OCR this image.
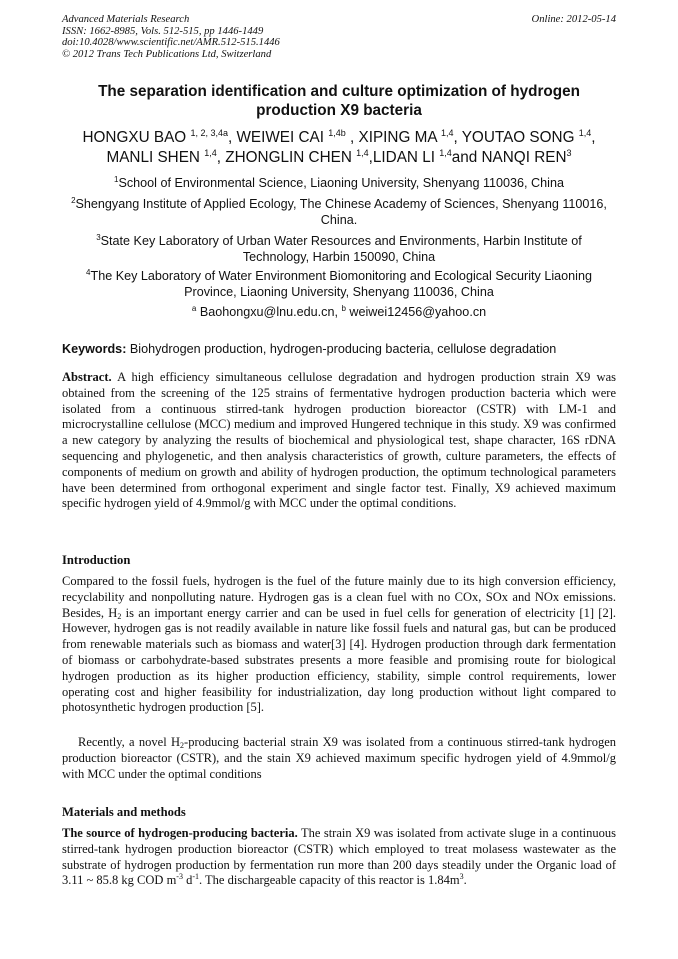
Advanced Materials Research
ISSN: 1662-8985, Vols. 512-515, pp 1446-1449
doi:10.4028/www.scientific.net/AMR.512-515.1446
© 2012 Trans Tech Publications Ltd, Switzerland
Online: 2012-05-14
The separation identification and culture optimization of hydrogen production X9 bacteria
HONGXU BAO $^{1, 2, 3,4a}$, WEIWEI CAI $^{1,4b}$ , XIPING MA $^{1,4}$, YOUTAO SONG $^{1,4}$,
MANLI SHEN $^{1,4}$, ZHONGLIN CHEN $^{1,4}$,LIDAN LI $^{1,4}$and NANQI REN$^3$
$^1$School of Environmental Science, Liaoning University, Shenyang 110036, China
$^2$Shengyang Institute of Applied Ecology, The Chinese Academy of Sciences, Shenyang 110016, China.
$^3$State Key Laboratory of Urban Water Resources and Environments, Harbin Institute of Technology, Harbin 150090, China
$^4$The Key Laboratory of Water Environment Biomonitoring and Ecological Security Liaoning Province, Liaoning University, Shenyang 110036, China
$^a$ Baohongxu@lnu.edu.cn, $^b$ weiwei12456@yahoo.cn
Keywords: Biohydrogen production, hydrogen-producing bacteria, cellulose degradation
Abstract. A high efficiency simultaneous cellulose degradation and hydrogen production strain X9 was obtained from the screening of the 125 strains of fermentative hydrogen production bacteria which were isolated from a continuous stirred-tank hydrogen production bioreactor (CSTR) with LM-1 and microcrystalline cellulose (MCC) medium and improved Hungered technique in this study. X9 was confirmed a new category by analyzing the results of biochemical and physiological test, shape character, 16S rDNA sequencing and phylogenetic, and then analysis characteristics of growth, culture parameters, the effects of components of medium on growth and ability of hydrogen production, the optimum technological parameters have been determined from orthogonal experiment and single factor test. Finally, X9 achieved maximum specific hydrogen yield of 4.9mmol/g with MCC under the optimal conditions.
Introduction
Compared to the fossil fuels, hydrogen is the fuel of the future mainly due to its high conversion efficiency, recyclability and nonpolluting nature. Hydrogen gas is a clean fuel with no COx, SOx and NOx emissions. Besides, $H_2$ is an important energy carrier and can be used in fuel cells for generation of electricity [1] [2]. However, hydrogen gas is not readily available in nature like fossil fuels and natural gas, but can be produced from renewable materials such as biomass and water[3] [4]. Hydrogen production through dark fermentation of biomass or carbohydrate-based substrates presents a more feasible and promising route for biological hydrogen production as its higher production efficiency, stability, simple control requirements, lower operating cost and higher feasibility for industrialization, day long production without light compared to photosynthetic hydrogen production [5].
Recently, a novel $H_2$-producing bacterial strain X9 was isolated from a continuous stirred-tank hydrogen production bioreactor (CSTR), and the stain X9 achieved maximum specific hydrogen yield of 4.9mmol/g with MCC under the optimal conditions
Materials and methods
The source of hydrogen-producing bacteria. The strain X9 was isolated from activate sluge in a continuous stirred-tank hydrogen production bioreactor (CSTR) which employed to treat molasess wastewater as the substrate of hydrogen production by fermentation run more than 200 days steadily under the Organic load of 3.11 ~ 85.8 kg COD $m^{-3}$ $d^{-1}$. The dischargeable capacity of this reactor is $1.84m^3$.
